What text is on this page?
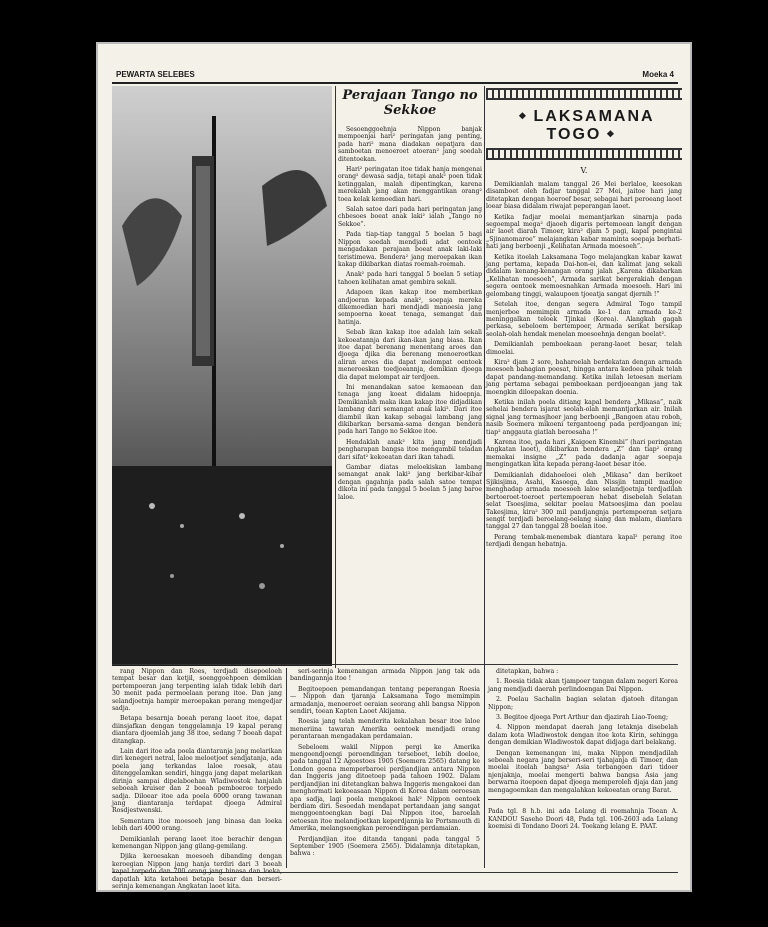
PEWARTA SELEBES	Moeka 4
Perajaan Tango no Sekkoe

Sesoenggoehnja Nippon banjak mempoenjai hari² peringatan jang penting, pada hari² mana diadakan oepatjara dan sambоetan menoeroet atoeran² jang soedah ditentoekan.

Hari² peringatan itoe tidak hanja mengenai orang² dewasa sadja, tetapi anak² poen tidak ketinggalan, malah dipentingkan, karena merekalah jang akan menggantikan orang² toea kelak kemoedian hari.

Salah satoe dari pada hari peringatan jang chbesoes boeat anak laki² ialah „Tango no Sekkoe”.

Pada tiap-tiap tanggal 5 boelan 5 bagi Nippon soedah mendjadi adat oentoek mengadakan perajaan boeat anak laki-laki teristimewa. Bendera² jang meroepakan ikan kakap dikibarkan diatas roemah-roemah.

Anak² pada hari tanggal 5 boelan 5 setiap tahoen kelihatan amat gembira sekali.

Adapoen ikan kakap itoe memberikan andjoeran kepada anak², soepaja mereka dikemoedian hari mendjadi manoesia jang sempoerna koeat tenaga, semangat dan hatinja.

Sebab ikan kakap itoe adalah lain sekali kekoeatannja dari ikan-ikan jang biasa. Ikan itoe dapat berenang menentang aroes dan djoega djika dia berenang menoeroetkan aliran aroes dia dapat melompat oentoek meneroeskan toedjoeannja, demikian djoega dia dapat melompat air terdjoen.

Ini menandakan satoe kemaoean dan tenaga jang koeat didalam hidoepnja. Demikianlah maka ikan kakap itoe didjadikan lambang dari semangat anak laki². Dari itoe diambil ikan kakap sebagai lambang jang dikibarkan bersama-sama dengan bendera pada hari Tango no Sekkoe itoe.

Hendaklah anak² kita jang mendjadi pengharapan bangsa itoe mengambil teladan dari sifat² kekoeatan dari ikan tahadi.

Gambar diatas melоekiskan lambang semangat anak laki² jang berkibar-kibar dengan gagahnja pada salah satoe tempat dikota ini pada tanggal 5 boelan 5 jang baroe laloe.

❖ LAKSAMANA TOGO ❖
V.

Demikianlah malam tanggal 26 Mei berlaloe, keesokan disamboet oleh fadjar tanggal 27 Mei, jaitoe hari jang ditetapkan dengan hoeroef besar, sebagai hari peroeang laoet loear biasa didalam riwajat peperangan laoet.

Ketika fadjar moelai memantjarkan sinarnja pada segoempal mega² djaoeh digaris pertemoean langit dengan air laoet diarah Timoer, kira² djam 5 pagi, kapal pengintai „Sjinanomaroe” melajangkan kabar maminta soepaja berhati-hati jang berboenji „Kelihatan Armada moesoeh”.

Ketika itoelah Laksamana Togo melajangkan kabar kawat jang pertama, kepada Dai-hon-ei, dan kalimat jang sekali didalam kenang-kenangan orang jalah „Karena dikabarkan „Kelihatan moesoeh”, Armada sarikat bergerakiah dengan segera oentoek memoesnahkan Armada moesoeh. Hari ini gelombang tinggi, walaupoen tjoeatja sangat djernih !”

Setelah itoe, dengan segera Admiral Togo tampil menjerbоe memimpin armada ke-1 dan armada ke-2 meninggalkan teloek Tjinkai (Korea). Alangkah gagah perkasa, sebeloem bertempoer, Armada serikat bersikap seolah-olah hendak menelan moesoehnja dengan boelat².

Demikianlah pembоekaan perang-laoet besar, telah dimoelai.

Kira² djam 2 sore, baharoelah berdekatan dengan armada moesoeh bahagian poesat, hingga antara kedoea pihak telah dapat pandang-memandang. Ketika inilah letoesan meriam jang pertama sebagai pemboekaan perdjoeangan jang tak moengkin dilоepakan doenia.

Ketika inilah poela ditiang kapal bendera „Mikasa”, naik sehelai bendera isjarat seolah-olah memantjarkan air. Inilah signal jang termasjhoer jang berboenji „Bangoen atau roboh, nasib Soemera mikoeni tergantoeng pada perdjoangan ini; tiap² anggauta giatlah beroesaha !”

Karena itoe, pada hari „Kaigoen Kinembi” (hari peringatan Angkatan laoet), dikibarkan bendera „Z” dan tiap² orang memakai insigne „Z” pada dadanja agar soepaja mengingatkan kita kepada perang-laoet besar itoe.

Demikianlah didahoeloei oleh „Mikasa” dan berikoet Sjikisjima, Asahi, Kasoega, dan Nissjin tampil madjoe menghadap armada moesoeh laloe selandjoetnja terdjadilah bertoeroet-toeroet pertempoeran hebat disebelah Selatan selat Tsoesjima, sekitar poelau Matsoesjima dan poelau Takesjima, kira² 300 mil pandjangnja pertempoeran setjara sengit terdjadi beroelang-oelang siang dan malam, diantara tanggal 27 dan tanggal 28 boelan itoe.

Perang tembak-menembak diantara kapal² perang itoe terdjadi dengan hebatnja.

rang Nippon dan Roes, terdjadi disepoeloeh tempat besar dan ketjil, soenggoehpoen demikian pertempoeran jang terpenting ialah tidak lebih dari 30 menit pada permoelaan perang itoe. Dan jang selandjoetnja hampir meroepakan perang mengedjar sadja.

Betapa besarnja boeah perang laoet itoe, dapat diinsjafkan dengan tenggelamnja 19 kapal perang diantara djoemlah jang 38 itoe, sedang 7 boeah dapat ditangkap.

Lain dari itoe ada poela diantaranja jang melarikan diri kenegeri netral, laloe meloetjoet sendjatanja, ada poela jang terkandas laloe roesak, atau ditenggelamkan sendiri, hingga jang dapat melarikan dirinja sampai dipelaboehan Wladiwostok hanjalah seboeah kruiser dan 2 boeah pemboeroe torpedo sadja. Diloear itoe ada poela 6000 orang tawanan jang diantaranja terdapat djoega Admiral Rosdjestwenski.

Sementara itoe moesoeh jang binasa dan loeka lebih dari 4000 orang.

Demikianlah perang laoet itoe berachir dengan kemenangan Nippon jang gilang-gemilang.

Djika kerоesakan moesoeh dibanding dengan keroegian Nippon jang hanja terdiri dari 3 boeah dapatlah kita ketahoei betapa besar dan berseri-serinja kemenangan Angkatan laoet kita.

seri-serinja kemenangan armada Nippon jang tak ada bandingannja itoe !

Begitoepoen pemandangan tentang peperangan Roesia — Nippon dan tjaranja Laksamana Togo memimpin armadanja, menoeroet oeraian seorang ahli bangsa Nippon sendiri, toean Kapten Laoet Akijama.

Roesia jang telah menderita kekalahan besar itoe laloe meneriina tawaran Amerika oentoek mendjadi orang perantaraan mengadakan perdamaian.

Sebeloem wakil Nippon pergi ke Amerika mengoendjoengi peroendingan tersebоet, lebih doeloe, pada tanggal 12 Agoestoes 1905 (Soemera 2565) datang ke London goena memperbaroei perdjandjian antara Nippon dan Inggeris jang ditoetoep pada tahoen 1902. Dalam perdjandjian ini ditetangkan bahwa Inggeris mengakoei dan menghormati kekoeasaan Nippon di Korea dalam oeroesan apa sadja, lagi poela mengakoei hak² Nippon oentoek berdiam diri. Sesoedah mendapat pertandaan jang sangat menggoentoengkan bagi Dai Nippon itoe, baroelah oetoesan itoe melandjoetkan keperdjannja ke Portsmouth di Amerika, melangsoengkan peroendingan perdamaian.

Perdjandjian itoe ditanda tangani pada tanggal 5 September 1905 (Soemera 2565). Didalamnja ditetapkan, bahwa :

ditetapkan, bahwa :

1. Roesia tidak akan tjampoer tangan dalam negeri Korea jang mendjadi daerah perlindoengan Dai Nippon.

2. Poelau Sachalin bagian selatan djatoeh ditangan Nippon;

3. Begitoe djoega Port Arthur dan djazirah Liao-Toeng;

4. Nippon mendapat daerah jang letaknja disebelah dalam kota Wladiwostok dengan itoe kota Kirin, sehingga dengan demikian Wladiwostok dapat didjaga dari belakang.

Dengan kemenangan ini, maka Nippon mendjadilah seboeah negara jang berseri-seri tjahajanja di Timoer, dan moelai itoelah bangsa² Asia terbangoen dari tidoer njenjaknja, moelai mengerti bahwa bangsa Asia jang berwarna itoepoen dapat djoega memperoleh djaja dan jang mengagoemkan dan mengalahkan kekoeatan orang Barat.

Pada tgl. 8 h.b. ini ada Lelang di roemahnja Toean A. KANDOU Saseho Doori 48, Pada tgl. 106-2603 ada Lelang koemisi di Tondano Doori 24. Toekang lelang E. PAAT.
